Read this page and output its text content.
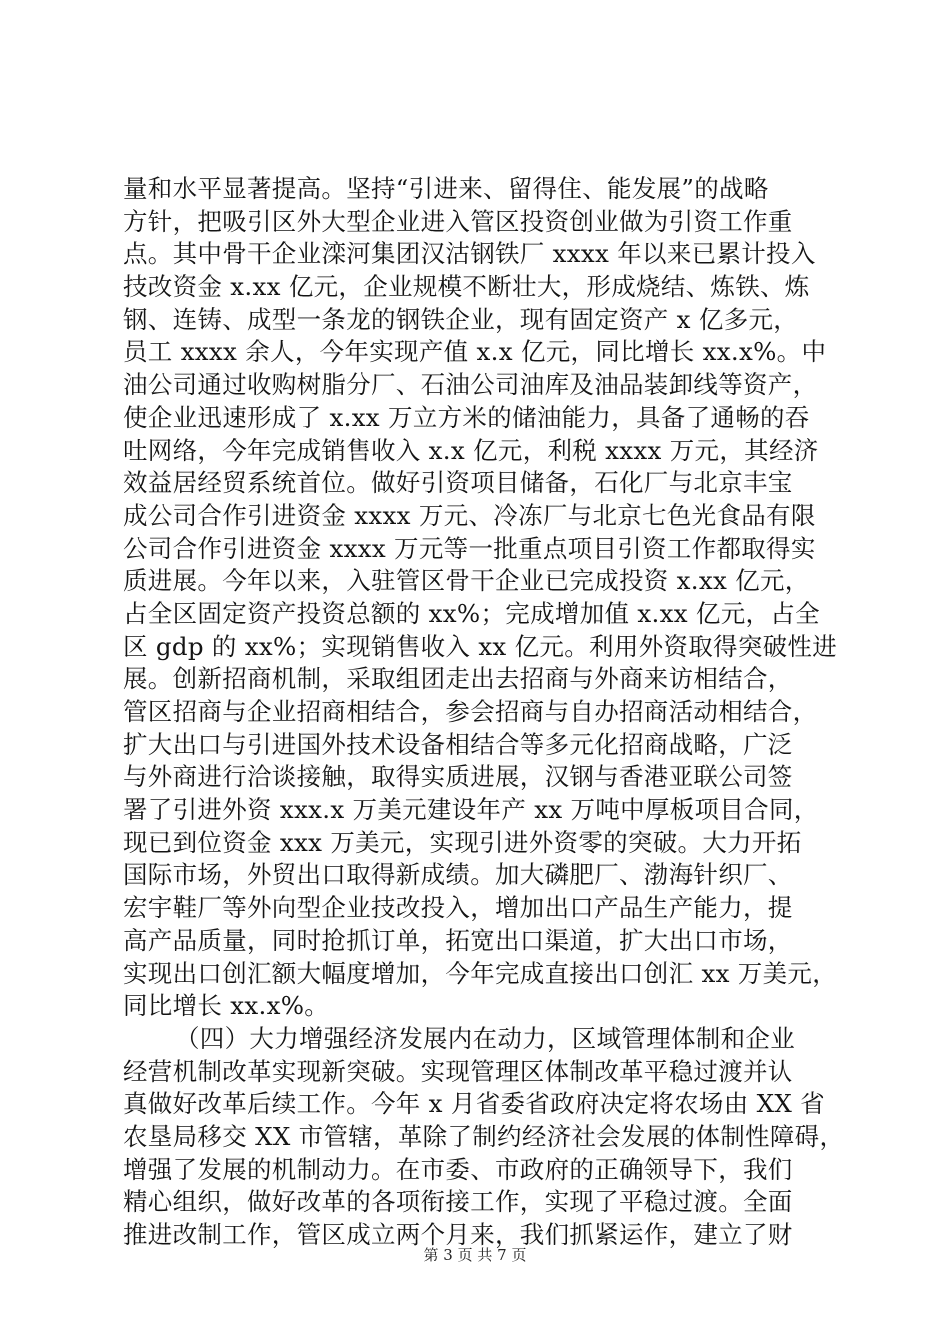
量和水平显著提高。坚持“引进来、留得住、能发展”的战略
方针，把吸引区外大型企业进入管区投资创业做为引资工作重
点。其中骨干企业滦河集团汉沽钢铁厂 xxxx 年以来已累计投入
技改资金 x.xx 亿元，企业规模不断壮大，形成烧结、炼铁、炼
钢、连铸、成型一条龙的钢铁企业，现有固定资产 x 亿多元，
员工 xxxx 余人，今年实现产值 x.x 亿元，同比增长 xx.x%。中
油公司通过收购树脂分厂、石油公司油库及油品装卸线等资产，
使企业迅速形成了 x.xx 万立方米的储油能力，具备了通畅的吞
吐网络，今年完成销售收入 x.x 亿元，利税 xxxx 万元，其经济
效益居经贸系统首位。做好引资项目储备，石化厂与北京丰宝
成公司合作引进资金 xxxx 万元、冷冻厂与北京七色光食品有限
公司合作引进资金 xxxx 万元等一批重点项目引资工作都取得实
质进展。今年以来，入驻管区骨干企业已完成投资 x.xx 亿元，
占全区固定资产投资总额的 xx%；完成增加值 x.xx 亿元，占全
区 gdp 的 xx%；实现销售收入 xx 亿元。利用外资取得突破性进
展。创新招商机制，采取组团走出去招商与外商来访相结合，
管区招商与企业招商相结合，参会招商与自办招商活动相结合，
扩大出口与引进国外技术设备相结合等多元化招商战略，广泛
与外商进行洽谈接触，取得实质进展，汉钢与香港亚联公司签
署了引进外资 xxx.x 万美元建设年产 xx 万吨中厚板项目合同，
现已到位资金 xxx 万美元，实现引进外资零的突破。大力开拓
国际市场，外贸出口取得新成绩。加大磷肥厂、渤海针织厂、
宏宇鞋厂等外向型企业技改投入，增加出口产品生产能力，提
高产品质量，同时抢抓订单，拓宽出口渠道，扩大出口市场，
实现出口创汇额大幅度增加，今年完成直接出口创汇 xx 万美元，
同比增长 xx.x%。
（四）大力增强经济发展内在动力，区域管理体制和企业
经营机制改革实现新突破。实现管理区体制改革平稳过渡并认
真做好改革后续工作。今年 x 月省委省政府决定将农场由 XX 省
农垦局移交 XX 市管辖，革除了制约经济社会发展的体制性障碍，
增强了发展的机制动力。在市委、市政府的正确领导下，我们
精心组织，做好改革的各项衔接工作，实现了平稳过渡。全面
推进改制工作，管区成立两个月来，我们抓紧运作，建立了财
第 3 页 共 7 页
